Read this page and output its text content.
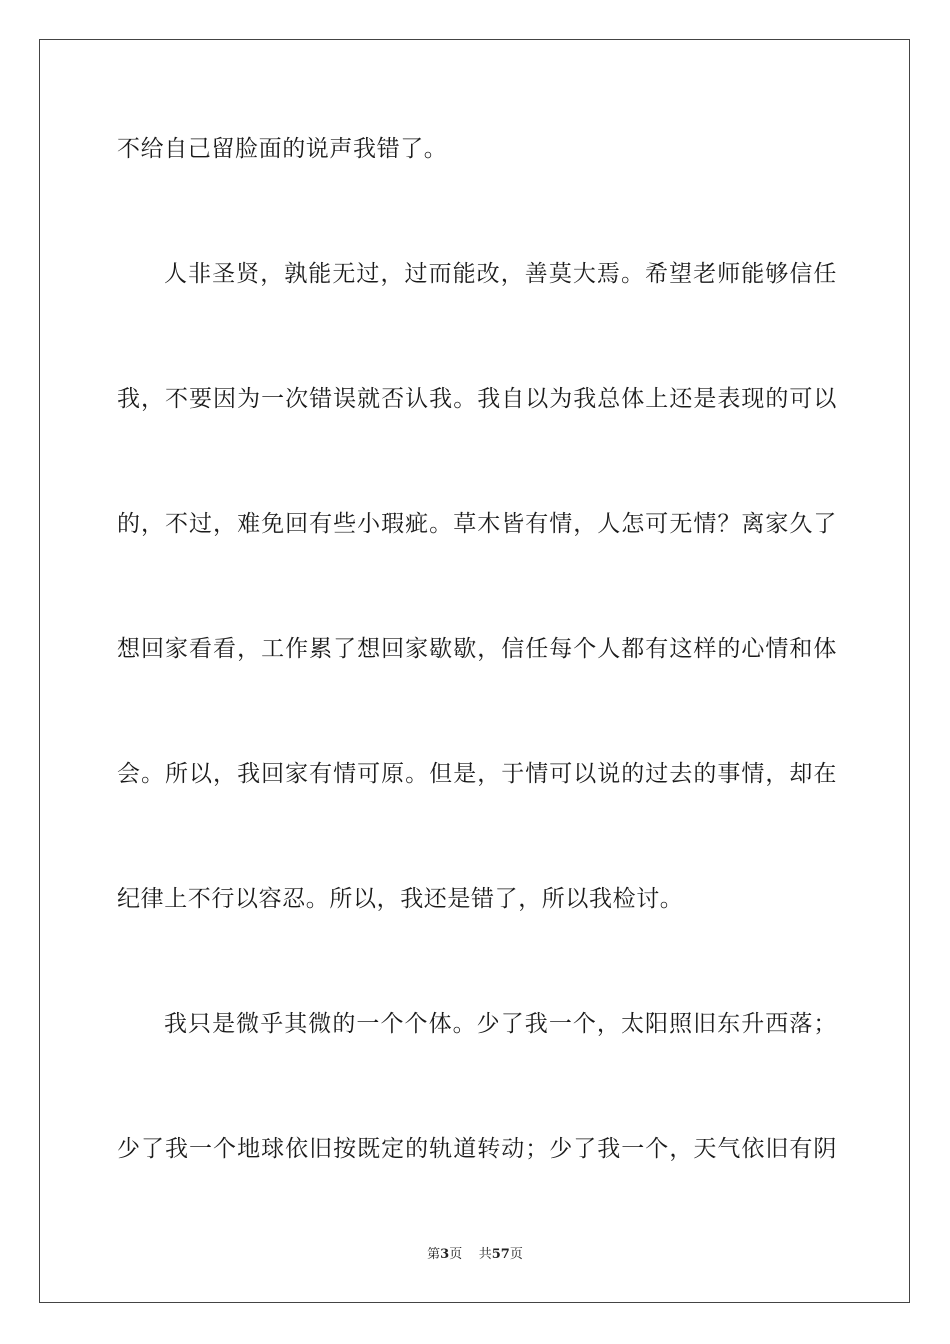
不给自己留脸面的说声我错了。
人非圣贤，孰能无过，过而能改，善莫大焉。希望老师能够信任
我，不要因为一次错误就否认我。我自以为我总体上还是表现的可以
的，不过，难免回有些小瑕疵。草木皆有情，人怎可无情？离家久了
想回家看看，工作累了想回家歇歇，信任每个人都有这样的心情和体
会。所以，我回家有情可原。但是，于情可以说的过去的事情，却在
纪律上不行以容忍。所以，我还是错了，所以我检讨。
我只是微乎其微的一个个体。少了我一个，太阳照旧东升西落；
少了我一个地球依旧按既定的轨道转动；少了我一个，天气依旧有阴
第3页 共57页
